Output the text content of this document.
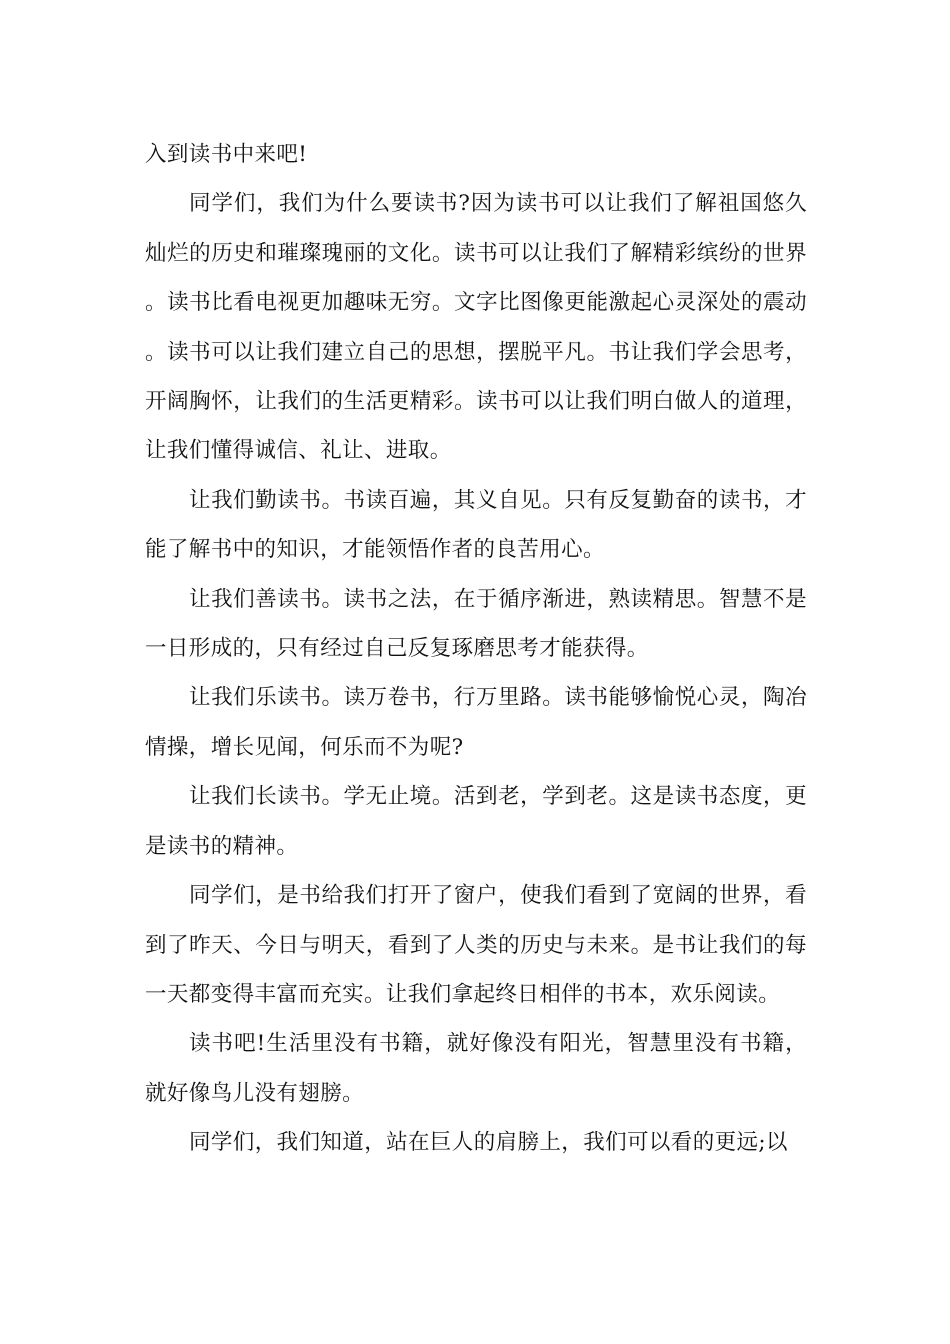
入到读书中来吧!

同学们，我们为什么要读书?因为读书可以让我们了解祖国悠久灿烂的历史和璀璨瑰丽的文化。读书可以让我们了解精彩缤纷的世界。读书比看电视更加趣味无穷。文字比图像更能激起心灵深处的震动。读书可以让我们建立自己的思想，摆脱平凡。书让我们学会思考，开阔胸怀，让我们的生活更精彩。读书可以让我们明白做人的道理，让我们懂得诚信、礼让、进取。

让我们勤读书。书读百遍，其义自见。只有反复勤奋的读书，才能了解书中的知识，才能领悟作者的良苦用心。

让我们善读书。读书之法，在于循序渐进，熟读精思。智慧不是一日形成的，只有经过自己反复琢磨思考才能获得。

让我们乐读书。读万卷书，行万里路。读书能够愉悦心灵，陶冶情操，增长见闻，何乐而不为呢?

让我们长读书。学无止境。活到老，学到老。这是读书态度，更是读书的精神。

同学们，是书给我们打开了窗户，使我们看到了宽阔的世界，看到了昨天、今日与明天，看到了人类的历史与未来。是书让我们的每一天都变得丰富而充实。让我们拿起终日相伴的书本，欢乐阅读。

读书吧!生活里没有书籍，就好像没有阳光，智慧里没有书籍，就好像鸟儿没有翅膀。

同学们，我们知道，站在巨人的肩膀上，我们可以看的更远;以
